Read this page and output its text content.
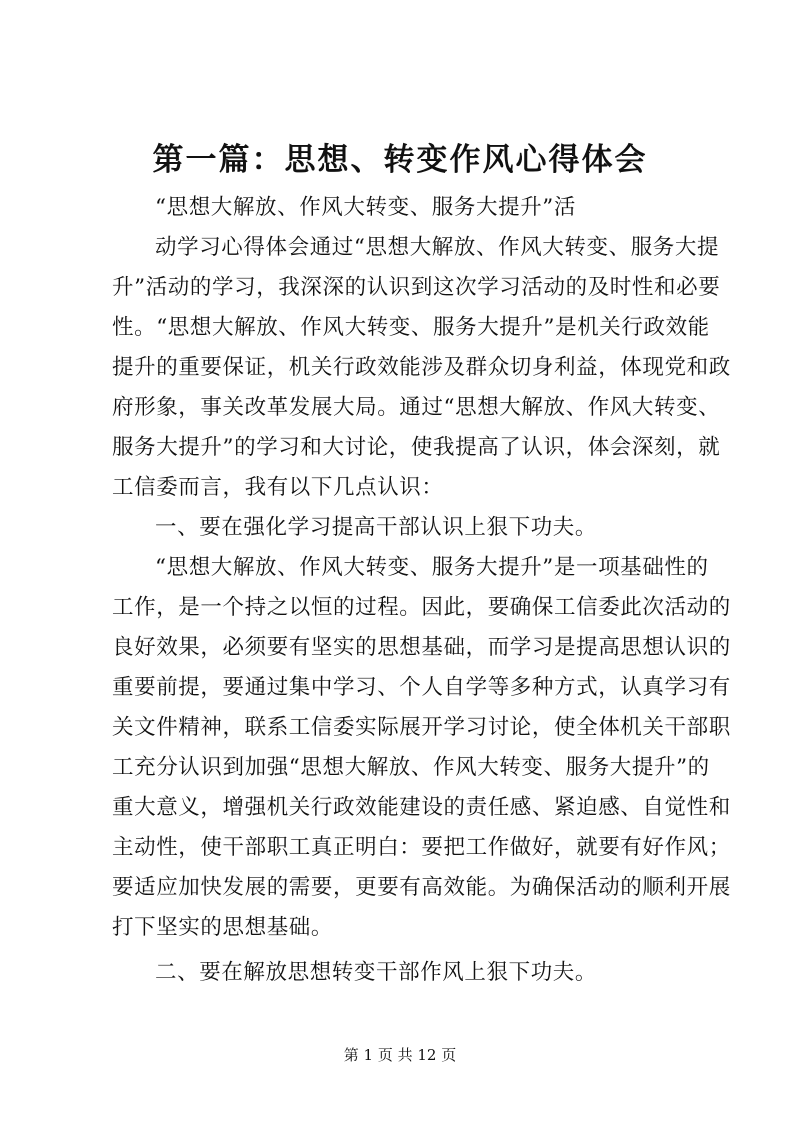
第一篇：思想、转变作风心得体会
“思想大解放、作风大转变、服务大提升”活
动学习心得体会通过“思想大解放、作风大转变、服务大提
升”活动的学习，我深深的认识到这次学习活动的及时性和必要
性。“思想大解放、作风大转变、服务大提升”是机关行政效能
提升的重要保证，机关行政效能涉及群众切身利益，体现党和政
府形象，事关改革发展大局。通过“思想大解放、作风大转变、
服务大提升”的学习和大讨论，使我提高了认识，体会深刻，就
工信委而言，我有以下几点认识：
一、要在强化学习提高干部认识上狠下功夫。
“思想大解放、作风大转变、服务大提升”是一项基础性的
工作，是一个持之以恒的过程。因此，要确保工信委此次活动的
良好效果，必须要有坚实的思想基础，而学习是提高思想认识的
重要前提，要通过集中学习、个人自学等多种方式，认真学习有
关文件精神，联系工信委实际展开学习讨论，使全体机关干部职
工充分认识到加强“思想大解放、作风大转变、服务大提升”的
重大意义，增强机关行政效能建设的责任感、紧迫感、自觉性和
主动性，使干部职工真正明白：要把工作做好，就要有好作风；
要适应加快发展的需要，更要有高效能。为确保活动的顺利开展
打下坚实的思想基础。
二、要在解放思想转变干部作风上狠下功夫。
第 1 页 共 12 页
